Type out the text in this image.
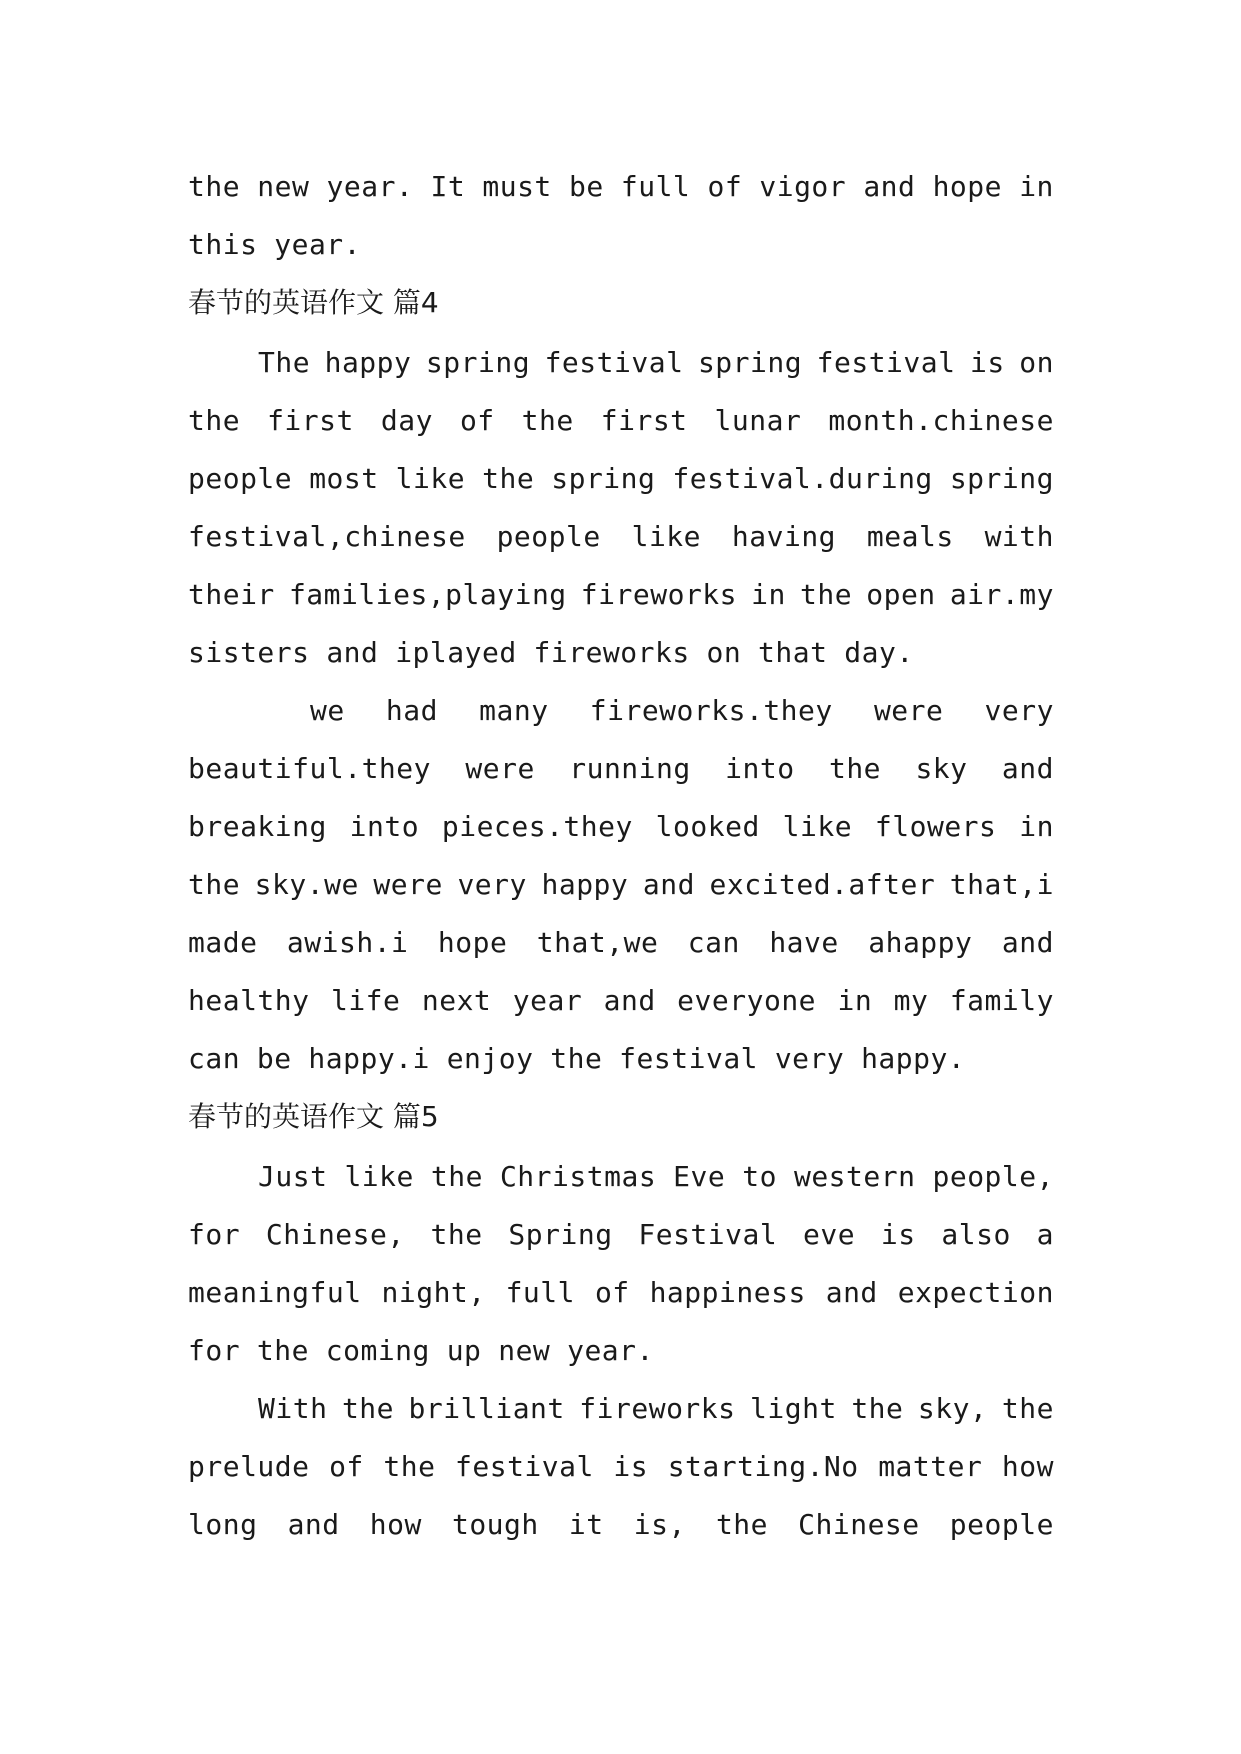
the new year. It must be full of vigor and hope in
this year.
春节的英语作文 篇4
The happy spring festival spring festival is on
the first day of the first lunar month.chinese
people most like the spring festival.during spring
festival,chinese people like having meals with
their families,playing fireworks in the open air.my
sisters and iplayed fireworks on that day.
we had many fireworks.they were very
beautiful.they were running into the sky and
breaking into pieces.they looked like flowers in
the sky.we were very happy and excited.after that,i
made awish.i hope that,we can have ahappy and
healthy life next year and everyone in my family
can be happy.i enjoy the festival very happy.
春节的英语作文 篇5
Just like the Christmas Eve to western people,
for Chinese, the Spring Festival eve is also a
meaningful night, full of happiness and expection
for the coming up new year.
With the brilliant fireworks light the sky, the
prelude of the festival is starting.No matter how
long and how tough it is, the Chinese people
